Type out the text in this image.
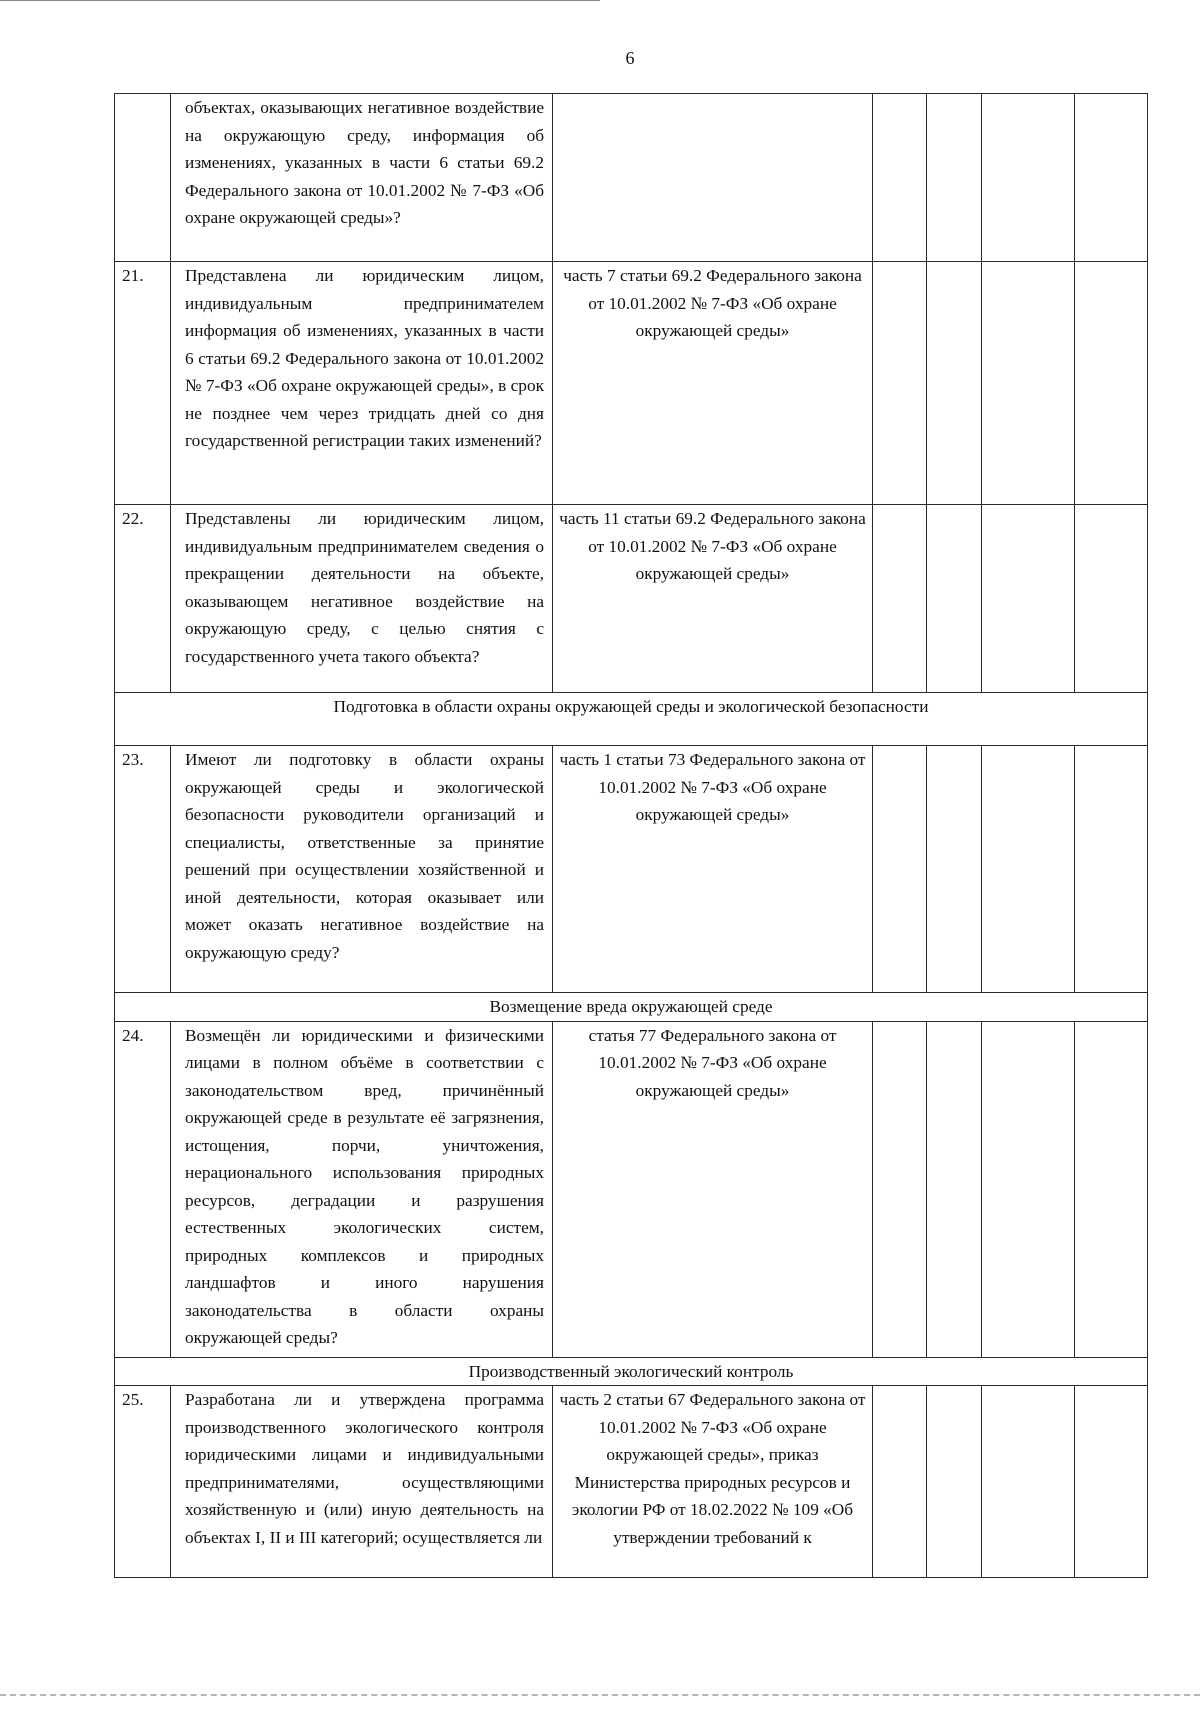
6
	объектах, оказывающих негативное воздействие на окружающую среду, информация об изменениях, указанных в части 6 статьи 69.2 Федерального закона от 10.01.2002 № 7-ФЗ «Об охране окружающей среды»?					
21.	Представлена ли юридическим лицом, индивидуальным предпринимателем информация об изменениях, указанных в части 6 статьи 69.2 Федерального закона от 10.01.2002 № 7-ФЗ «Об охране окружающей среды», в срок не позднее чем через тридцать дней со дня государственной регистрации таких изменений?	часть 7 статьи 69.2 Федерального закона от 10.01.2002 № 7-ФЗ «Об охране окружающей среды»				
22.	Представлены ли юридическим лицом, индивидуальным предпринимателем сведения о прекращении деятельности на объекте, оказывающем негативное воздействие на окружающую среду, с целью снятия с государственного учета такого объекта?	часть 11 статьи 69.2 Федерального закона от 10.01.2002 № 7-ФЗ «Об охране окружающей среды»				
Подготовка в области охраны окружающей среды и экологической безопасности						
23.	Имеют ли подготовку в области охраны окружающей среды и экологической безопасности руководители организаций и специалисты, ответственные за принятие решений при осуществлении хозяйственной и иной деятельности, которая оказывает или может оказать негативное воздействие на окружающую среду?	часть 1 статьи 73 Федерального закона от 10.01.2002 № 7-ФЗ «Об охране окружающей среды»				
Возмещение вреда окружающей среде						
24.	Возмещён ли юридическими и физическими лицами в полном объёме в соответствии с законодательством вред, причинённый окружающей среде в результате её загрязнения, истощения, порчи, уничтожения, нерационального использования природных ресурсов, деградации и разрушения естественных экологических систем, природных комплексов и природных ландшафтов и иного нарушения законодательства в области охраны окружающей среды?	статья 77 Федерального закона от 10.01.2002 № 7-ФЗ «Об охране окружающей среды»				
Производственный экологический контроль						
25.	Разработана ли и утверждена программа производственного экологического контроля юридическими лицами и индивидуальными предпринимателями, осуществляющими хозяйственную и (или) иную деятельность на объектах I, II и III категорий; осуществляется ли	часть 2 статьи 67 Федерального закона от 10.01.2002 № 7-ФЗ «Об охране окружающей среды», приказ Министерства природных ресурсов и экологии РФ от 18.02.2022 № 109 «Об утверждении требований к				
